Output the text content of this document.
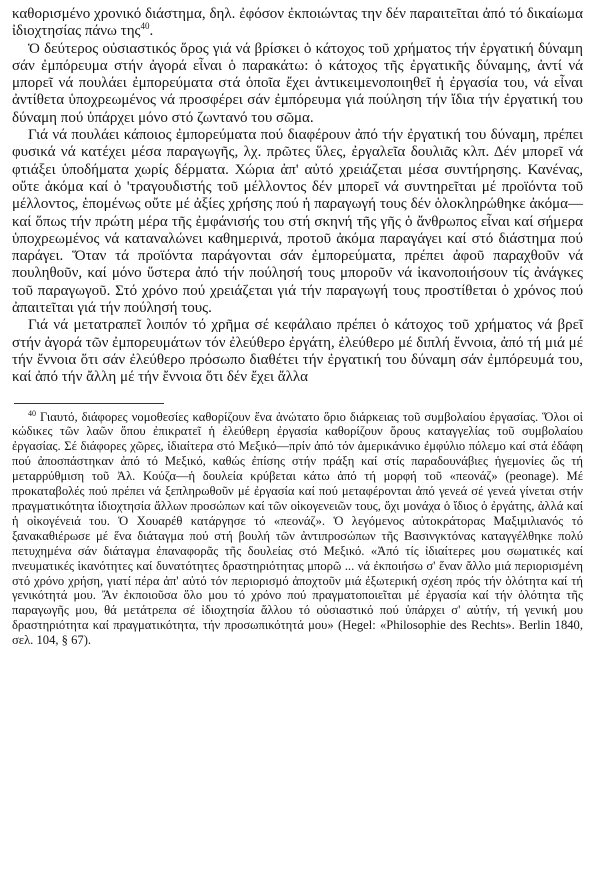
καθορισμένο χρονικό διάστημα, δηλ. ἐφόσον ἐκποιώντας την δέν παραιτεῖται ἀπό τό δικαίωμα ἰδιοχτησίας πάνω της$^{40}$.

Ὁ δεύτερος οὐσιαστικός ὅρος γιά νά βρίσκει ὁ κάτοχος τοῦ χρήματος τήν ἐργατική δύναμη σάν ἐμπόρευμα στήν ἀγορά εἶναι ὁ παρακάτω: ὁ κάτοχος τῆς ἐργατικῆς δύναμης, ἀντί νά μπορεῖ νά πουλάει ἐμπορεύματα στά ὁποῖα ἔχει ἀντικειμενοποιηθεῖ ἡ ἐργασία του, νά εἶναι ἀντίθετα ὑποχρεωμένος νά προσφέρει σάν ἐμπόρευμα γιά πούληση τήν ἴδια τήν ἐργατική του δύναμη πού ὑπάρχει μόνο στό ζωντανό του σῶμα.

Γιά νά πουλάει κάποιος ἐμπορεύματα πού διαφέρουν ἀπό τήν ἐργατική του δύναμη, πρέπει φυσικά νά κατέχει μέσα παραγωγῆς, λχ. πρῶτες ὕλες, ἐργαλεῖα δουλιᾶς κλπ. Δέν μπορεῖ νά φτιάξει ὑποδήματα χωρίς δέρματα. Χώρια ἀπ' αὐτό χρειάζεται μέσα συντήρησης. Κανένας, οὔτε ἀκόμα καί ὁ 'τραγουδιστής τοῦ μέλλοντος δέν μπορεῖ νά συντηρεῖται μέ προϊόντα τοῦ μέλλοντος, ἑπομένως οὔτε μέ ἀξίες χρήσης πού ἡ παραγωγή τους δέν ὁλοκληρώθηκε ἀκόμα—καί ὅπως τήν πρώτη μέρα τῆς ἐμφάνισής του στή σκηνή τῆς γῆς ὁ ἄνθρωπος εἶναι καί σήμερα ὑποχρεωμένος νά καταναλώνει καθημερινά, προτοῦ ἀκόμα παραγάγει καί στό διάστημα πού παράγει. Ὅταν τά προϊόντα παράγονται σάν ἐμπορεύματα, πρέπει ἀφοῦ παραχθοῦν νά πουληθοῦν, καί μόνο ὕστερα ἀπό τήν πούλησή τους μποροῦν νά ἱκανοποιήσουν τίς ἀνάγκες τοῦ παραγωγοῦ. Στό χρόνο πού χρειάζεται γιά τήν παραγωγή τους προστίθεται ὁ χρόνος πού ἀπαιτεῖται γιά τήν πούλησή τους.

Γιά νά μετατραπεῖ λοιπόν τό χρῆμα σέ κεφάλαιο πρέπει ὁ κάτοχος τοῦ χρήματος νά βρεῖ στήν ἀγορά τῶν ἐμπορευμάτων τόν ἐλεύθερο ἐργάτη, ἐλεύθερο μέ διπλή ἔννοια, ἀπό τή μιά μέ τήν ἔννοια ὅτι σάν ἐλεύθερο πρόσωπο διαθέτει τήν ἐργατική του δύναμη σάν ἐμπόρευμά του, καί ἀπό τήν ἄλλη μέ τήν ἔννοια ὅτι δέν ἔχει ἄλλα

$^{40}$ Γιαυτό, διάφορες νομοθεσίες καθορίζουν ἕνα ἀνώτατο ὅριο διάρκειας τοῦ συμβολαίου ἐργασίας. Ὅλοι οἱ κώδικες τῶν λαῶν ὅπου ἐπικρατεῖ ἡ ἐλεύθερη ἐργασία καθορίζουν ὅρους καταγγελίας τοῦ συμβολαίου ἐργασίας. Σέ διάφορες χῶρες, ἰδιαίτερα στό Μεξικό—πρίν ἀπό τόν ἀμερικάνικο ἐμφύλιο πόλεμο καί στά ἐδάφη πού ἀποσπάστηκαν ἀπό τό Μεξικό, καθώς ἐπίσης στήν πράξη καί στίς παραδουνάβιες ἡγεμονίες ὥς τή μεταρρύθμιση τοῦ Ἀλ. Κούζα—ἡ δουλεία κρύβεται κάτω ἀπό τή μορφή τοῦ «πεονάζ» (peonage). Μέ προκαταβολές πού πρέπει νά ξεπληρωθοῦν μέ ἐργασία καί πού μεταφέρονται ἀπό γενεά σέ γενεά γίνεται στήν πραγματικότητα ἰδιοχτησία ἄλλων προσώπων καί τῶν οἰκογενειῶν τους, ὄχι μονάχα ὁ ἴδιος ὁ ἐργάτης, ἀλλά καί ἡ οἰκογένειά του. Ὁ Χουαρέθ κατάργησε τό «πεονάζ». Ὁ λεγόμενος αὐτοκράτορας Μαξιμιλιανός τό ξανακαθιέρωσε μέ ἕνα διάταγμα πού στή βουλή τῶν ἀντιπροσώπων τῆς Βασινγκτόνας καταγγέλθηκε πολύ πετυχημένα σάν διάταγμα ἐπαναφορᾶς τῆς δουλείας στό Μεξικό. «Ἀπό τίς ἰδιαίτερες μου σωματικές καί πνευματικές ἱκανότητες καί δυνατότητες δραστηριότητας μπορῶ ... νά ἐκποιήσω σ' ἕναν ἄλλο μιά περιορισμένη στό χρόνο χρήση, γιατί πέρα ἀπ' αὐτό τόν περιορισμό ἀποχτοῦν μιά ἐξωτερική σχέση πρός τήν ὁλότητα καί τή γενικότητά μου. Ἄν ἐκποιοῦσα ὅλο μου τό χρόνο πού πραγματοποιεῖται μέ ἐργασία καί τήν ὁλότητα τῆς παραγωγῆς μου, θά μετάτρεπα σέ ἰδιοχτησία ἄλλου τό οὐσιαστικό πού ὑπάρχει σ' αὐτήν, τή γενική μου δραστηριότητα καί πραγματικότητα, τήν προσωπικότητά μου» (Hegel: «Philosophie des Rechts». Berlin 1840, σελ. 104, § 67).
